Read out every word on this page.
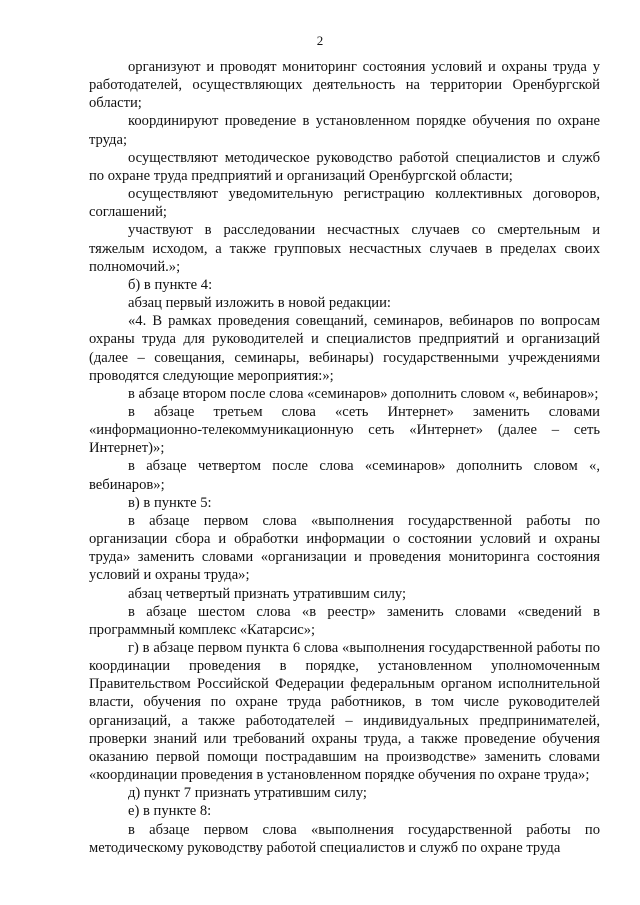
2

организуют и проводят мониторинг состояния условий и охраны труда у работодателей, осуществляющих деятельность на территории Оренбургской области;

координируют проведение в установленном порядке обучения по охране труда;

осуществляют методическое руководство работой специалистов и служб по охране труда предприятий и организаций Оренбургской области;

осуществляют уведомительную регистрацию коллективных договоров, соглашений;

участвуют в расследовании несчастных случаев со смертельным и тяжелым исходом, а также групповых несчастных случаев в пределах своих полномочий.»;

б) в пункте 4:

абзац первый изложить в новой редакции:

«4. В рамках проведения совещаний, семинаров, вебинаров по вопросам охраны труда для руководителей и специалистов предприятий и организаций (далее – совещания, семинары, вебинары) государственными учреждениями проводятся следующие мероприятия:»;

в абзаце втором после слова «семинаров» дополнить словом «, вебинаров»;

в абзаце третьем слова «сеть Интернет» заменить словами «информационно-телекоммуникационную сеть «Интернет» (далее – сеть Интернет)»;

в абзаце четвертом после слова «семинаров» дополнить словом «, вебинаров»;

в) в пункте 5:

в абзаце первом слова «выполнения государственной работы по организации сбора и обработки информации о состоянии условий и охраны труда» заменить словами «организации и проведения мониторинга состояния условий и охраны труда»;

абзац четвертый признать утратившим силу;

в абзаце шестом слова «в реестр» заменить словами «сведений в программный комплекс «Катарсис»;

г) в абзаце первом пункта 6 слова «выполнения государственной работы по координации проведения в порядке, установленном уполномоченным Правительством Российской Федерации федеральным органом исполнительной власти, обучения по охране труда работников, в том числе руководителей организаций, а также работодателей – индивидуальных предпринимателей, проверки знаний или требований охраны труда, а также проведение обучения оказанию первой помощи пострадавшим на производстве» заменить словами «координации проведения в установленном порядке обучения по охране труда»;

д) пункт 7 признать утратившим силу;

е) в пункте 8:

в абзаце первом слова «выполнения государственной работы по методическому руководству работой специалистов и служб по охране труда
